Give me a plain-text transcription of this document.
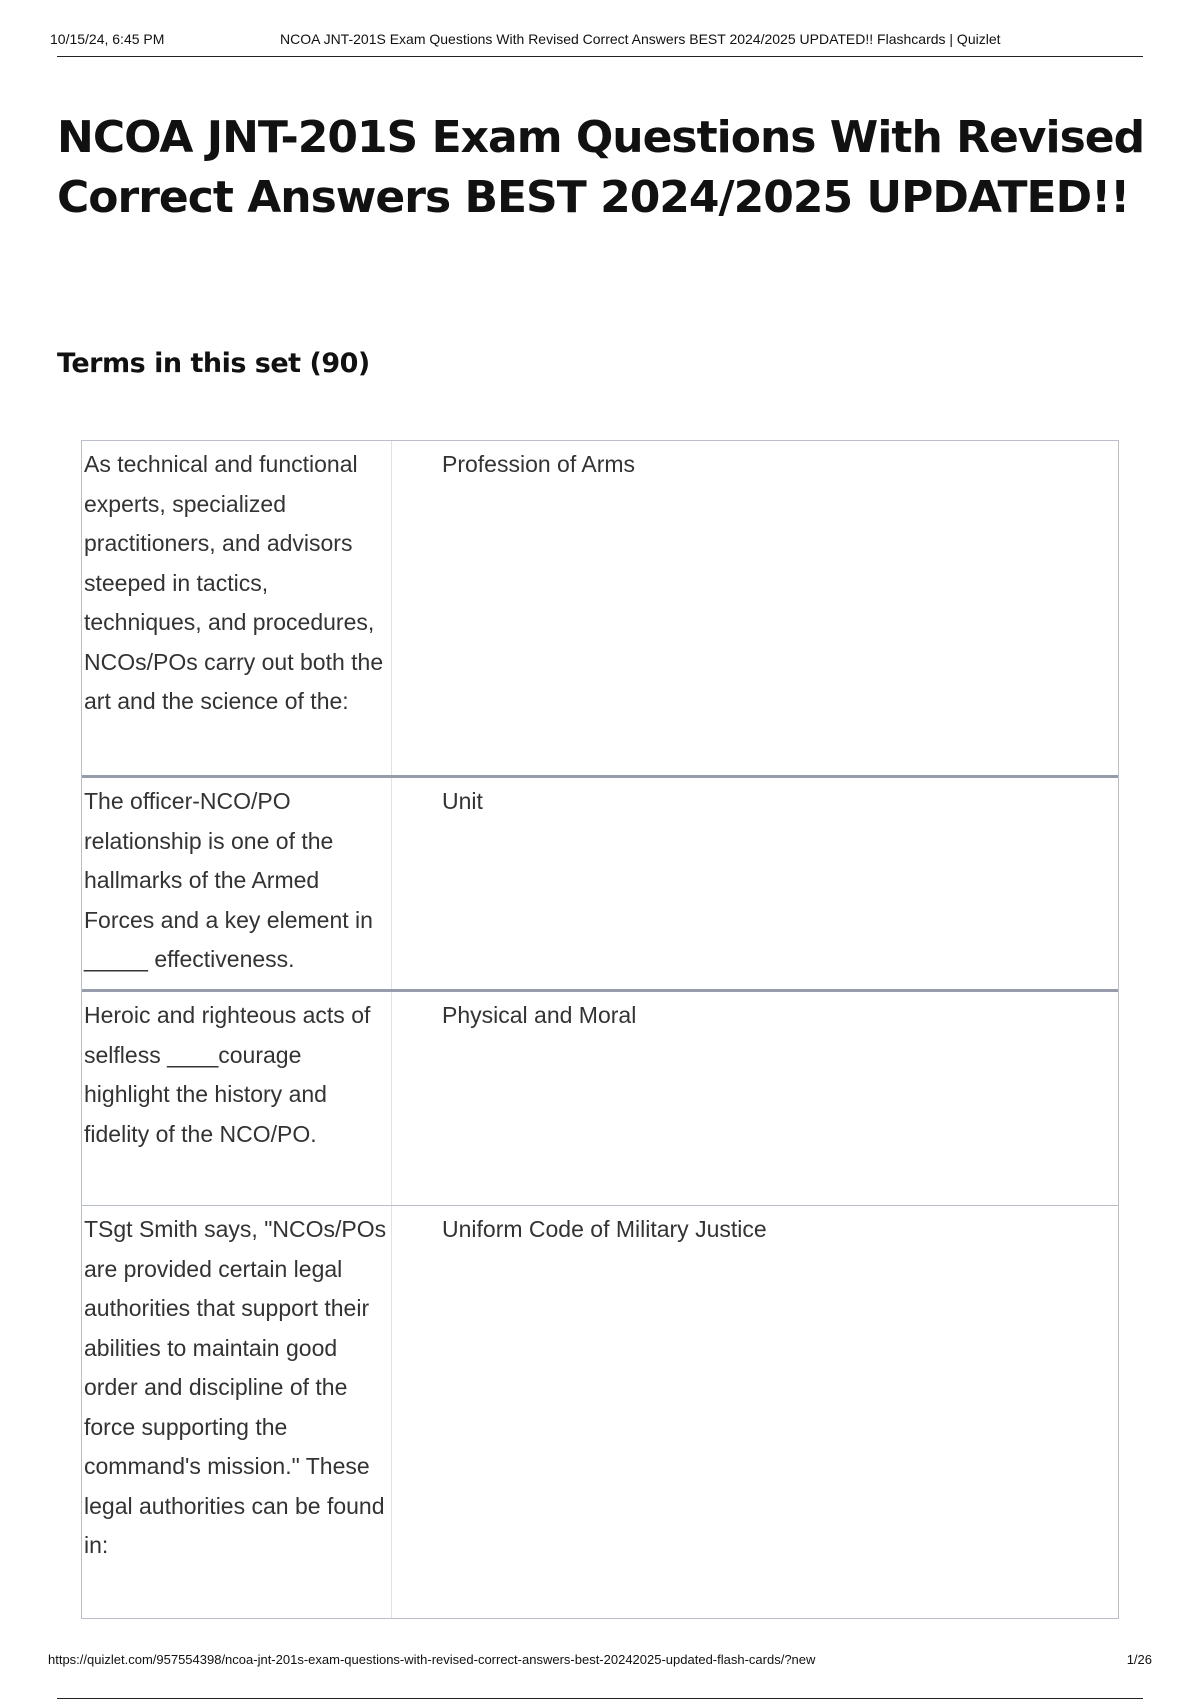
10/15/24, 6:45 PM	NCOA JNT-201S Exam Questions With Revised Correct Answers BEST 2024/2025 UPDATED!! Flashcards | Quizlet
NCOA JNT-201S Exam Questions With Revised Correct Answers BEST 2024/2025 UPDATED!!
Terms in this set (90)
As technical and functional experts, specialized practitioners, and advisors steeped in tactics, techniques, and procedures, NCOs/POs carry out both the art and the science of the:
Profession of Arms
The officer-NCO/PO relationship is one of the hallmarks of the Armed Forces and a key element in _____ effectiveness.
Unit
Heroic and righteous acts of selfless ____courage highlight the history and fidelity of the NCO/PO.
Physical and Moral
TSgt Smith says, "NCOs/POs are provided certain legal authorities that support their abilities to maintain good order and discipline of the force supporting the command's mission." These legal authorities can be found in:
Uniform Code of Military Justice
https://quizlet.com/957554398/ncoa-jnt-201s-exam-questions-with-revised-correct-answers-best-20242025-updated-flash-cards/?new	1/26
